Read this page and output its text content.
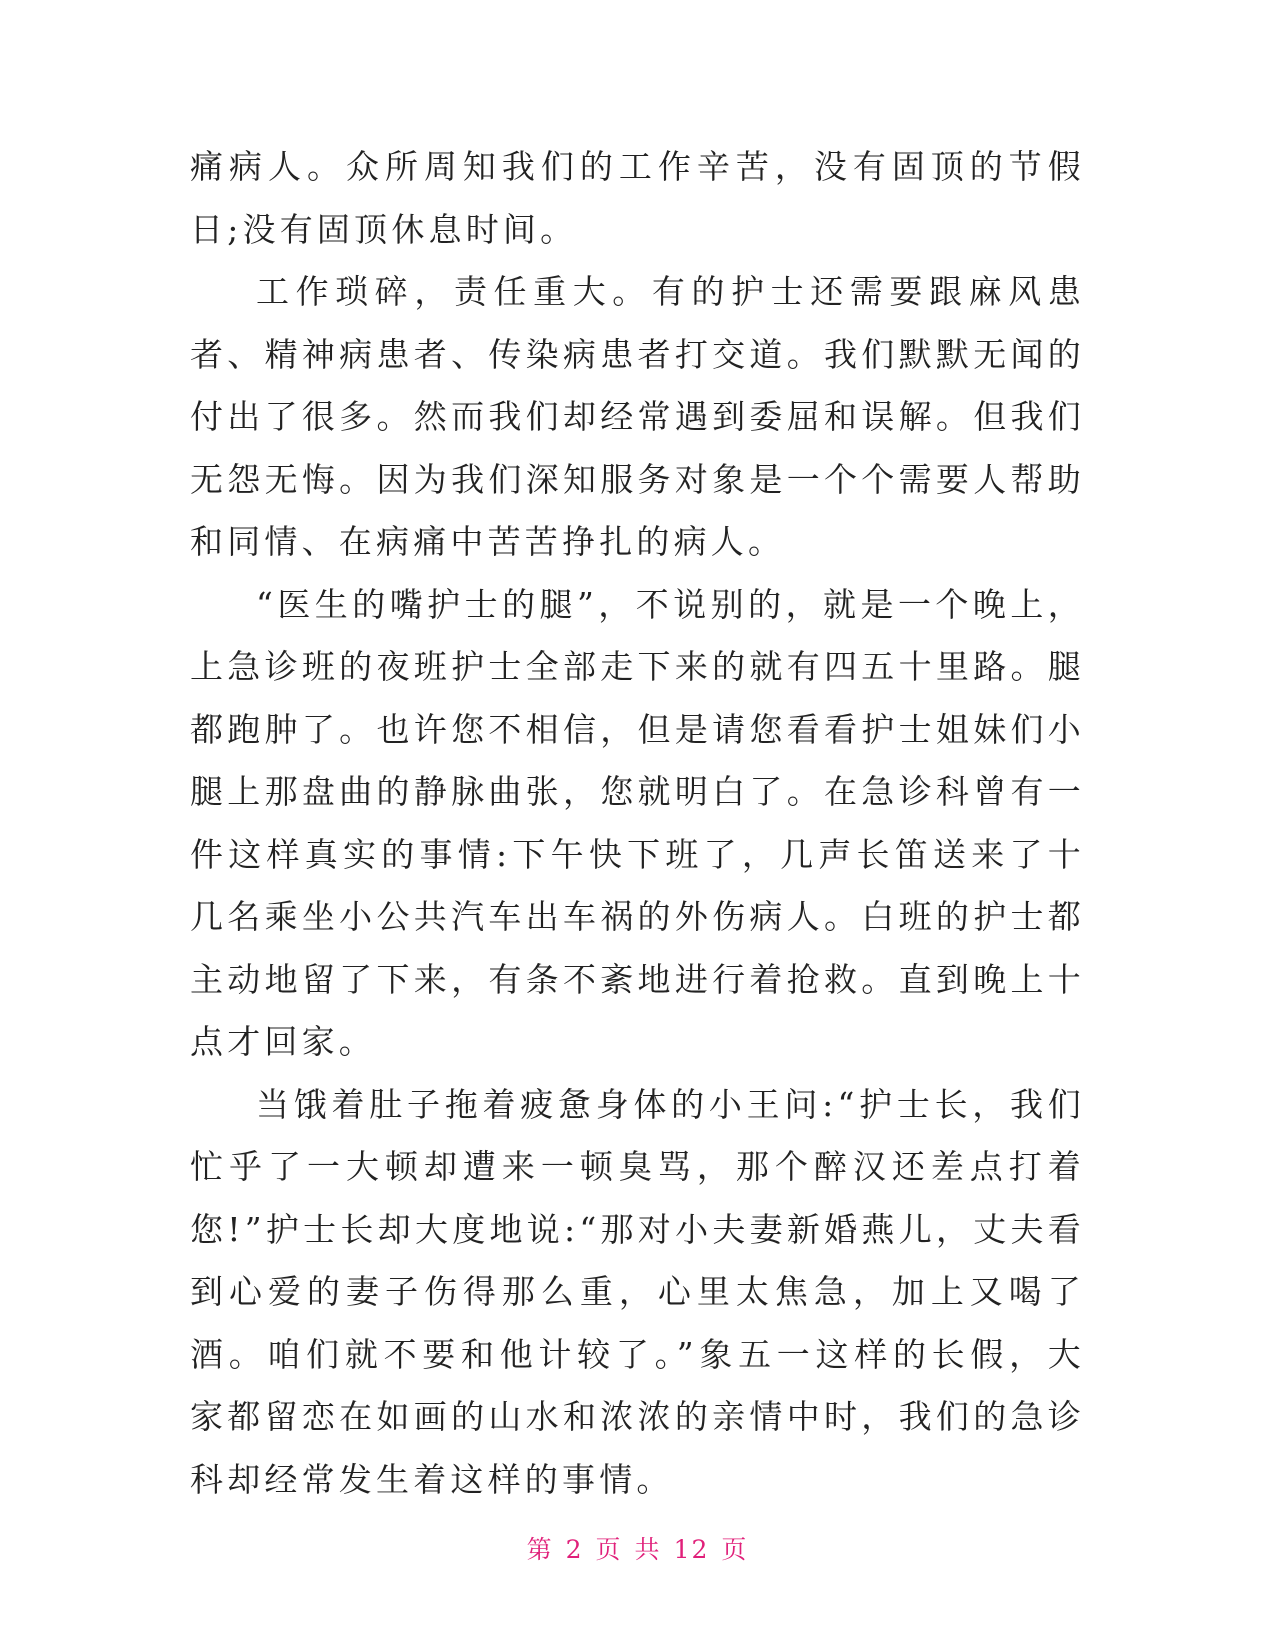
痛病人。众所周知我们的工作辛苦，没有固顶的节假日;没有固顶休息时间。

工作琐碎，责任重大。有的护士还需要跟麻风患者、精神病患者、传染病患者打交道。我们默默无闻的付出了很多。然而我们却经常遇到委屈和误解。但我们无怨无悔。因为我们深知服务对象是一个个需要人帮助和同情、在病痛中苦苦挣扎的病人。

“医生的嘴护士的腿”，不说别的，就是一个晚上，上急诊班的夜班护士全部走下来的就有四五十里路。腿都跑肿了。也许您不相信，但是请您看看护士姐妹们小腿上那盘曲的静脉曲张，您就明白了。在急诊科曾有一件这样真实的事情:下午快下班了，几声长笛送来了十几名乘坐小公共汽车出车祸的外伤病人。白班的护士都主动地留了下来，有条不紊地进行着抢救。直到晚上十点才回家。

当饿着肚子拖着疲惫身体的小王问:“护士长，我们忙乎了一大顿却遭来一顿臭骂，那个醉汉还差点打着您!”护士长却大度地说:“那对小夫妻新婚燕儿，丈夫看到心爱的妻子伤得那么重，心里太焦急，加上又喝了酒。咱们就不要和他计较了。”象五一这样的长假，大家都留恋在如画的山水和浓浓的亲情中时，我们的急诊科却经常发生着这样的事情。

第 2 页 共 12 页
